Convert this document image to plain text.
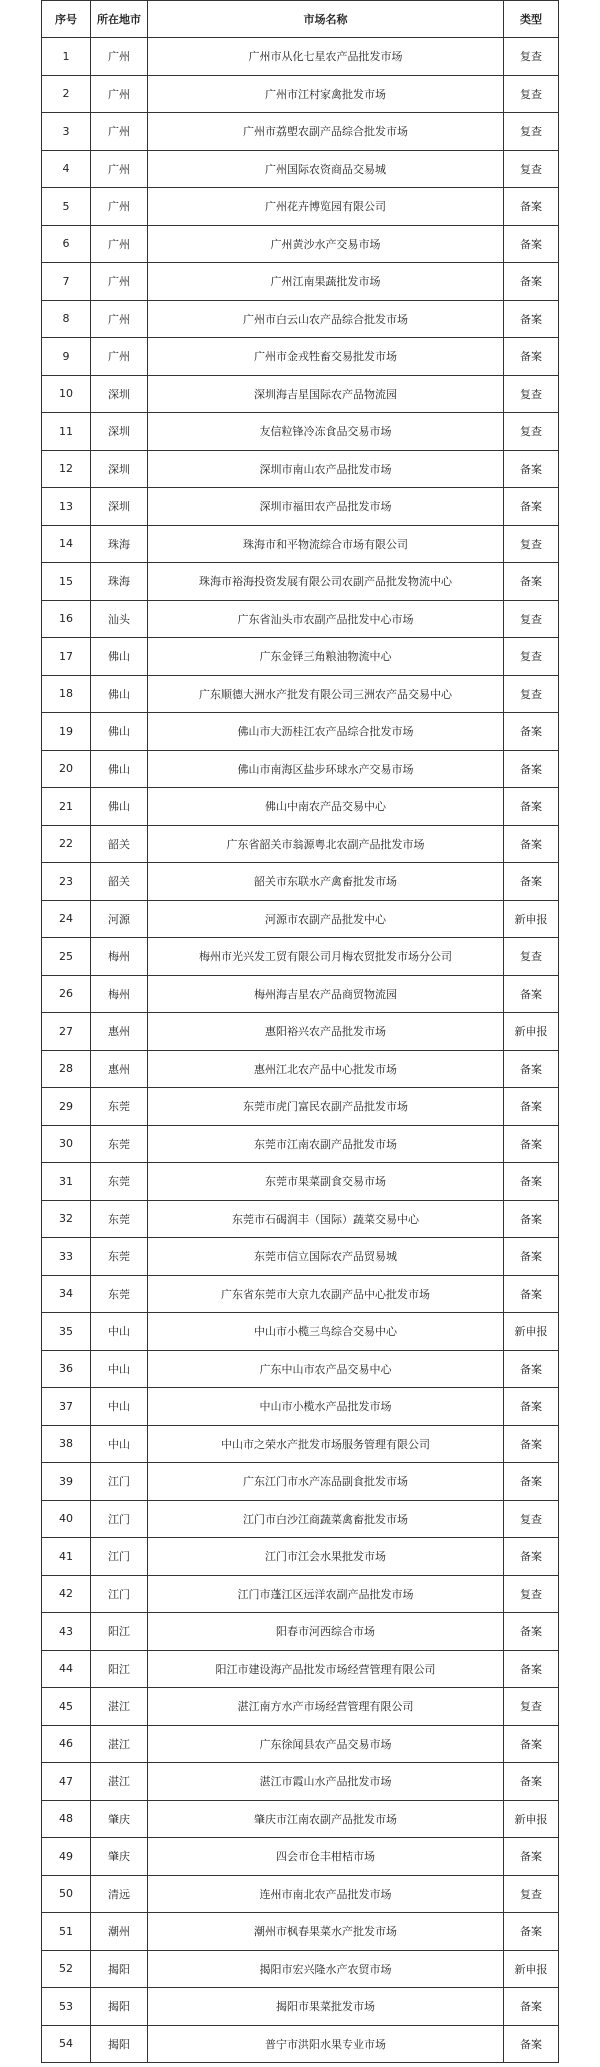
序号	所在地市	市场名称	类型
1	广州	广州市从化七星农产品批发市场	复查
2	广州	广州市江村家禽批发市场	复查
3	广州	广州市荔塱农副产品综合批发市场	复查
4	广州	广州国际农资商品交易城	复查
5	广州	广州花卉博览园有限公司	备案
6	广州	广州黄沙水产交易市场	备案
7	广州	广州江南果蔬批发市场	备案
8	广州	广州市白云山农产品综合批发市场	备案
9	广州	广州市金戎牲畜交易批发市场	备案
10	深圳	深圳海吉星国际农产品物流园	复查
11	深圳	友信粒锋冷冻食品交易市场	复查
12	深圳	深圳市南山农产品批发市场	备案
13	深圳	深圳市福田农产品批发市场	备案
14	珠海	珠海市和平物流综合市场有限公司	复查
15	珠海	珠海市裕海投资发展有限公司农副产品批发物流中心	备案
16	汕头	广东省汕头市农副产品批发中心市场	复查
17	佛山	广东金铎三角粮油物流中心	复查
18	佛山	广东顺德大洲水产批发有限公司三洲农产品交易中心	复查
19	佛山	佛山市大沥桂江农产品综合批发市场	备案
20	佛山	佛山市南海区盐步环球水产交易市场	备案
21	佛山	佛山中南农产品交易中心	备案
22	韶关	广东省韶关市翁源粤北农副产品批发市场	备案
23	韶关	韶关市东联水产禽畜批发市场	备案
24	河源	河源市农副产品批发中心	新申报
25	梅州	梅州市光兴发工贸有限公司月梅农贸批发市场分公司	复查
26	梅州	梅州海吉星农产品商贸物流园	备案
27	惠州	惠阳裕兴农产品批发市场	新申报
28	惠州	惠州江北农产品中心批发市场	备案
29	东莞	东莞市虎门富民农副产品批发市场	备案
30	东莞	东莞市江南农副产品批发市场	备案
31	东莞	东莞市果菜副食交易市场	备案
32	东莞	东莞市石碣润丰（国际）蔬菜交易中心	备案
33	东莞	东莞市信立国际农产品贸易城	备案
34	东莞	广东省东莞市大京九农副产品中心批发市场	备案
35	中山	中山市小榄三鸟综合交易中心	新申报
36	中山	广东中山市农产品交易中心	备案
37	中山	中山市小榄水产品批发市场	备案
38	中山	中山市之荣水产批发市场服务管理有限公司	备案
39	江门	广东江门市水产冻品副食批发市场	备案
40	江门	江门市白沙江商蔬菜禽畜批发市场	复查
41	江门	江门市江会水果批发市场	备案
42	江门	江门市蓬江区远洋农副产品批发市场	复查
43	阳江	阳春市河西综合市场	备案
44	阳江	阳江市建设海产品批发市场经营管理有限公司	备案
45	湛江	湛江南方水产市场经营管理有限公司	复查
46	湛江	广东徐闻县农产品交易市场	备案
47	湛江	湛江市霞山水产品批发市场	备案
48	肇庆	肇庆市江南农副产品批发市场	新申报
49	肇庆	四会市仓丰柑桔市场	备案
50	清远	连州市南北农产品批发市场	复查
51	潮州	潮州市枫春果菜水产批发市场	备案
52	揭阳	揭阳市宏兴隆水产农贸市场	新申报
53	揭阳	揭阳市果菜批发市场	备案
54	揭阳	普宁市洪阳水果专业市场	备案
